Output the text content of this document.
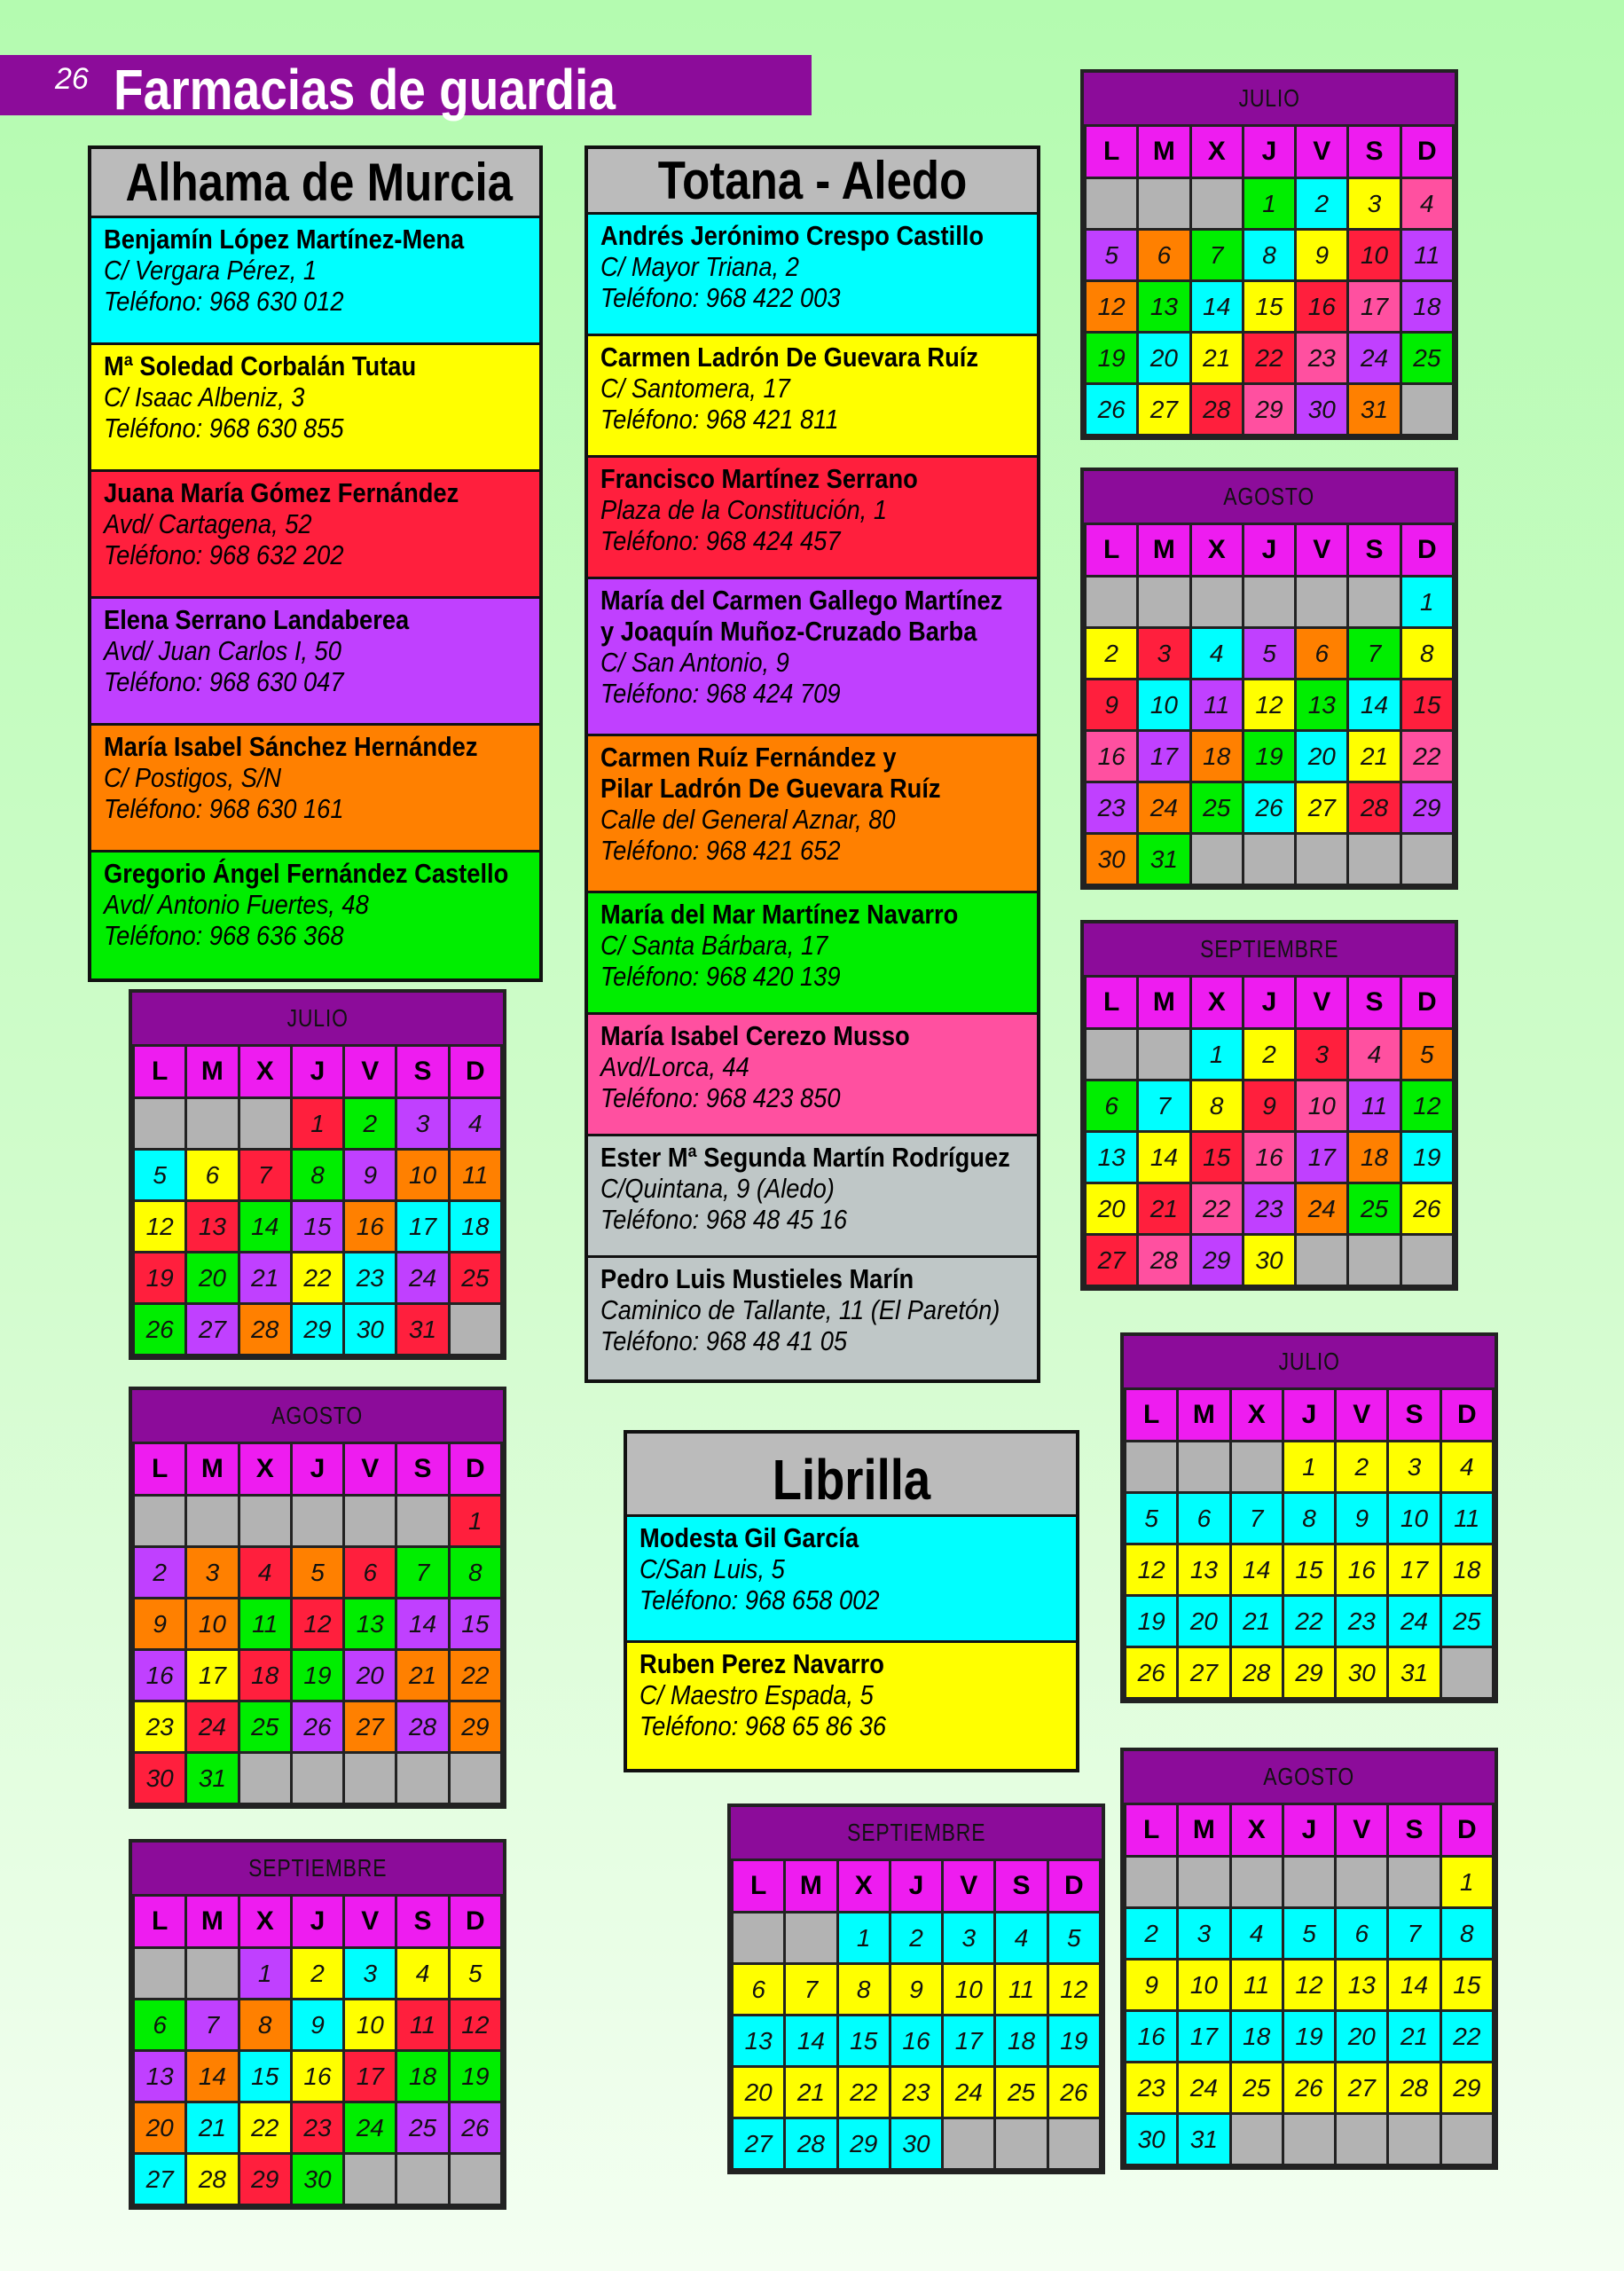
26 Farmacias de guardia
Alhama de Murcia
Benjamín López Martínez-Mena
C/ Vergara Pérez, 1
Teléfono: 968 630 012
Mª Soledad Corbalán Tutau
C/ Isaac Albeniz, 3
Teléfono: 968 630 855
Juana María Gómez Fernández
Avd/ Cartagena, 52
Teléfono: 968 632 202
Elena Serrano Landaberea
Avd/ Juan Carlos I, 50
Teléfono: 968 630 047
María Isabel Sánchez Hernández
C/ Postigos, S/N
Teléfono: 968 630 161
Gregorio Ángel Fernández Castello
Avd/ Antonio Fuertes, 48
Teléfono: 968 636 368
Totana - Aledo
Andrés Jerónimo Crespo Castillo
C/ Mayor Triana, 2
Teléfono: 968 422 003
Carmen Ladrón De Guevara Ruíz
C/ Santomera, 17
Teléfono: 968 421 811
Francisco Martínez Serrano
Plaza de la Constitución, 1
Teléfono: 968 424 457
María del Carmen Gallego Martínez
y Joaquín Muñoz-Cruzado Barba
C/ San Antonio, 9
Teléfono: 968 424 709
Carmen Ruíz Fernández y
Pilar Ladrón De Guevara Ruíz
Calle del General Aznar, 80
Teléfono: 968 421 652
María del Mar Martínez Navarro
C/ Santa Bárbara, 17
Teléfono: 968 420 139
María Isabel Cerezo Musso
Avd/Lorca, 44
Teléfono: 968 423 850
Ester Mª Segunda Martín Rodríguez
C/Quintana, 9 (Aledo)
Teléfono: 968 48 45 16
Pedro Luis Mustieles Marín
Caminico de Tallante, 11 (El Paretón)
Teléfono: 968 48 41 05
Librilla
Modesta Gil García
C/San Luis, 5
Teléfono: 968 658 002
Ruben Perez Navarro
C/ Maestro Espada, 5
Teléfono: 968 65 86 36
JULIO
L	M	X	J	V	S	D
			1	2	3	4
5	6	7	8	9	10	11
12	13	14	15	16	17	18
19	20	21	22	23	24	25
26	27	28	29	30	31	
AGOSTO
L	M	X	J	V	S	D
						1
2	3	4	5	6	7	8
9	10	11	12	13	14	15
16	17	18	19	20	21	22
23	24	25	26	27	28	29
30	31					
SEPTIEMBRE
L	M	X	J	V	S	D
		1	2	3	4	5
6	7	8	9	10	11	12
13	14	15	16	17	18	19
20	21	22	23	24	25	26
27	28	29	30			
JULIO
L	M	X	J	V	S	D
			1	2	3	4
5	6	7	8	9	10	11
12	13	14	15	16	17	18
19	20	21	22	23	24	25
26	27	28	29	30	31	
AGOSTO
L	M	X	J	V	S	D
						1
2	3	4	5	6	7	8
9	10	11	12	13	14	15
16	17	18	19	20	21	22
23	24	25	26	27	28	29
30	31					
SEPTIEMBRE
L	M	X	J	V	S	D
		1	2	3	4	5
6	7	8	9	10	11	12
13	14	15	16	17	18	19
20	21	22	23	24	25	26
27	28	29	30			
JULIO
L	M	X	J	V	S	D
			1	2	3	4
5	6	7	8	9	10	11
12	13	14	15	16	17	18
19	20	21	22	23	24	25
26	27	28	29	30	31	
AGOSTO
L	M	X	J	V	S	D
						1
2	3	4	5	6	7	8
9	10	11	12	13	14	15
16	17	18	19	20	21	22
23	24	25	26	27	28	29
30	31					
SEPTIEMBRE
L	M	X	J	V	S	D
		1	2	3	4	5
6	7	8	9	10	11	12
13	14	15	16	17	18	19
20	21	22	23	24	25	26
27	28	29	30			
